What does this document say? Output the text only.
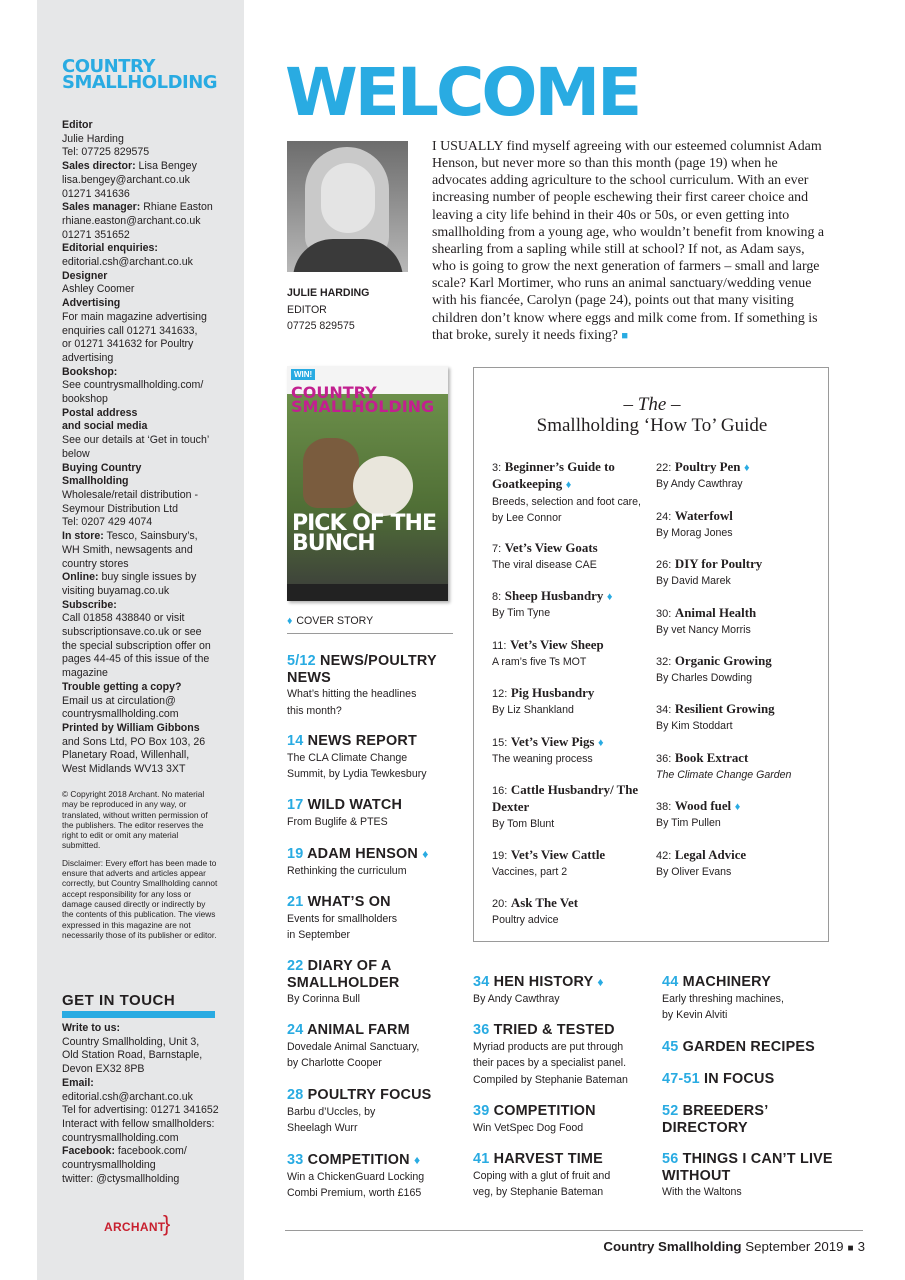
COUNTRY
SMALLHOLDING
Editor
Julie Harding
Tel: 07725 829575
Sales director: Lisa Bengey
lisa.bengey@archant.co.uk
01271 341636
Sales manager: Rhiane Easton
rhiane.easton@archant.co.uk
01271 351652
Editorial enquiries:
editorial.csh@archant.co.uk
Designer
Ashley Coomer
Advertising
For main magazine advertising
enquiries call 01271 341633,
or 01271 341632 for Poultry
advertising
Bookshop:
See countrysmallholding.com/
bookshop
Postal address
and social media
See our details at ‘Get in touch’
below
Buying Country
Smallholding
Wholesale/retail distribution -
Seymour Distribution Ltd
Tel: 0207 429 4074
In store: Tesco, Sainsbury’s,
WH Smith, newsagents and
country stores
Online: buy single issues by
visiting buyamag.co.uk
Subscribe:
Call 01858 438840 or visit
subscriptionsave.co.uk or see
the special subscription offer on
pages 44-45 of this issue of the
magazine
Trouble getting a copy?
Email us at circulation@
countrysmallholding.com
Printed by William Gibbons
and Sons Ltd, PO Box 103, 26
Planetary Road, Willenhall,
West Midlands WV13 3XT

© Copyright 2018 Archant. No material may be reproduced in any way, or translated, without written permission of the publishers. The editor reserves the right to edit or omit any material submitted.

Disclaimer: Every effort has been made to ensure that adverts and articles appear correctly, but Country Smallholding cannot accept responsibility for any loss or damage caused directly or indirectly by the contents of this publication. The views expressed in this magazine are not necessarily those of its publisher or editor.

GET IN TOUCH
Write to us:
Country Smallholding, Unit 3,
Old Station Road, Barnstaple,
Devon EX32 8PB
Email:
editorial.csh@archant.co.uk
Tel for advertising: 01271 341652
Interact with fellow smallholders:
countrysmallholding.com
Facebook: facebook.com/
countrysmallholding
twitter: @ctysmallholding
ARCHANT
}
WELCOME
JULIE HARDING
EDITOR
07725 829575
I USUALLY find myself agreeing with our esteemed columnist Adam Henson, but never more so than this month (page 19) when he advocates adding agriculture to the school curriculum. With an ever increasing number of people eschewing their first career choice and leaving a city life behind in their 40s or 50s, or even getting into smallholding from a young age, who wouldn’t benefit from knowing a shearling from a sapling while still at school? If not, as Adam says, who is going to grow the next generation of farmers – small and large scale? Karl Mortimer, who runs an animal sanctuary/wedding venue with his fiancée, Carolyn (page 24), points out that many visiting children don’t know where eggs and milk come from. If something is that broke, surely it needs fixing? ■
WIN!
COUNTRY
SMALLHOLDING
PICK OF THE
BUNCH
♦ COVER STORY
5/12 NEWS/POULTRY NEWS
What’s hitting the headlines
this month?
14 NEWS REPORT
The CLA Climate Change
Summit, by Lydia Tewkesbury
17 WILD WATCH
From Buglife & PTES
19 ADAM HENSON ♦
Rethinking the curriculum
21 WHAT’S ON
Events for smallholders
in September
22 DIARY OF A SMALLHOLDER
By Corinna Bull
24 ANIMAL FARM
Dovedale Animal Sanctuary,
by Charlotte Cooper
28 POULTRY FOCUS
Barbu d’Uccles, by
Sheelagh Wurr
33 COMPETITION ♦
Win a ChickenGuard Locking
Combi Premium, worth £165
34 HEN HISTORY ♦
By Andy Cawthray
36 TRIED & TESTED
Myriad products are put through
their paces by a specialist panel.
Compiled by Stephanie Bateman
39 COMPETITION
Win VetSpec Dog Food
41 HARVEST TIME
Coping with a glut of fruit and
veg, by Stephanie Bateman
44 MACHINERY
Early threshing machines,
by Kevin Alviti
45 GARDEN RECIPES
47-51 IN FOCUS
52 BREEDERS’ DIRECTORY
56 THINGS I CAN’T LIVE WITHOUT
With the Waltons
– The –
Smallholding ‘How To’ Guide
3: Beginner’s Guide to Goatkeeping ♦
Breeds, selection and foot care, by Lee Connor
7: Vet’s View Goats
The viral disease CAE
8: Sheep Husbandry ♦
By Tim Tyne
11: Vet’s View Sheep
A ram’s five Ts MOT
12: Pig Husbandry
By Liz Shankland
15: Vet’s View Pigs ♦
The weaning process
16: Cattle Husbandry/ The Dexter
By Tom Blunt
19: Vet’s View Cattle
Vaccines, part 2
20: Ask The Vet
Poultry advice
22: Poultry Pen ♦
By Andy Cawthray
24: Waterfowl
By Morag Jones
26: DIY for Poultry
By David Marek
30: Animal Health
By vet Nancy Morris
32: Organic Growing
By Charles Dowding
34: Resilient Growing
By Kim Stoddart
36: Book Extract
The Climate Change Garden
38: Wood fuel ♦
By Tim Pullen
42: Legal Advice
By Oliver Evans
Country Smallholding September 2019 ■ 3
